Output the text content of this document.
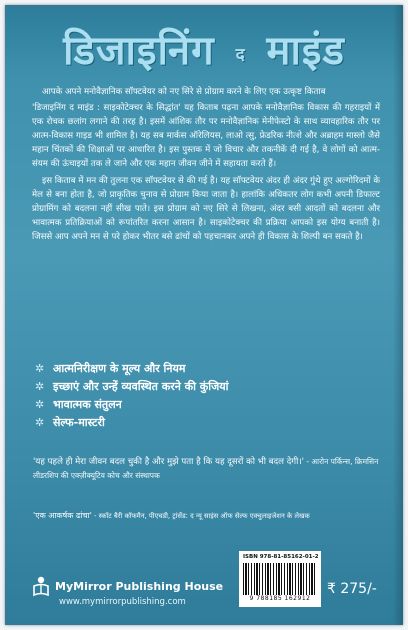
डिजाइनिंग द माइंड

आपके अपने मनोवैज्ञानिक सॉफ्टवेयर को नए सिरे से प्रोग्राम करने के लिए एक उत्कृष्ट किताब

'डिजाइनिंग द माइंड : साइकोटेक्चर के सिद्धांत' यह किताब पढ़ना आपके मनोवैज्ञानिक विकास की गहराइयों में एक रोचक छलांग लगाने की तरह है। इसमें आंशिक तौर पर मनोवैज्ञानिक मेनीफेस्टो के साथ व्यावहारिक तौर पर आत्म-विकास गाइड भी शामिल है। यह सब मार्कस ऑरेलियस, लाओ त्सु, फ्रेडरिक नीत्शे और अब्राहम मास्लो जैसे महान चिंतकों की शिक्षाओं पर आधारित है। इस पुस्तक में जो विचार और तकनीकें दी गई है, वे लोगों को आत्म-संयम की ऊंचाइयों तक ले जाने और एक महान जीवन जीने में सहायता करते हैं।

इस किताब में मन की तुलना एक सॉफ्टवेयर से की गई है। यह सॉफ्टवेयर अंदर ही अंदर गुंथे हुए अल्गोरिदमों के मेल से बना होता है, जो प्राकृतिक चुनाव से प्रोग्राम किया जाता है। हालांकि अधिकतर लोग कभी अपनी डिफाल्ट प्रोग्रामिंग को बदलना नहीं सीख पाते। इस प्रोग्राम को नए सिरे से लिखना, अंदर बसी आदतों को बदलना और भावात्मक प्रतिक्रियाओं को रूपांतरित करना आसान है। साइकोटेक्चर की प्रक्रिया आपको इस योग्य बनाती है। जिससे आप अपने मन से परे होकर भीतर बसे ढांचों को पहचानकर अपने ही विकास के शिल्पी बन सकते है।

✲ आत्मनिरीक्षण के मूल्य और नियम
✲ इच्छाएं और उन्हें व्यवस्थित करने की कुंजियां
✲ भावात्मक संतुलन
✲ सेल्फ-मास्टरी
'यह पहले ही मेरा जीवन बदल चुकी है और मुझे पता है कि यह दूसरों को भी बदल देगी।' - आरोन पर्किन्स, क्रिमसिन लीडरशिप की एक्ज़ीक्यूटिव कोच और संस्थापक
'एक आकर्षक ढांचा' - स्कॉट बैरी कॉफमैन, पीएचडी, ट्रांसेंड: द न्यू साइंस ऑफ सेल्फ एक्चुलाइजेशन के लेखक
MyMirror Publishing House
www.mymirrorpublishing.com
ISBN 978-81-85162-01-2
9 788185 162912
₹ 275/-
